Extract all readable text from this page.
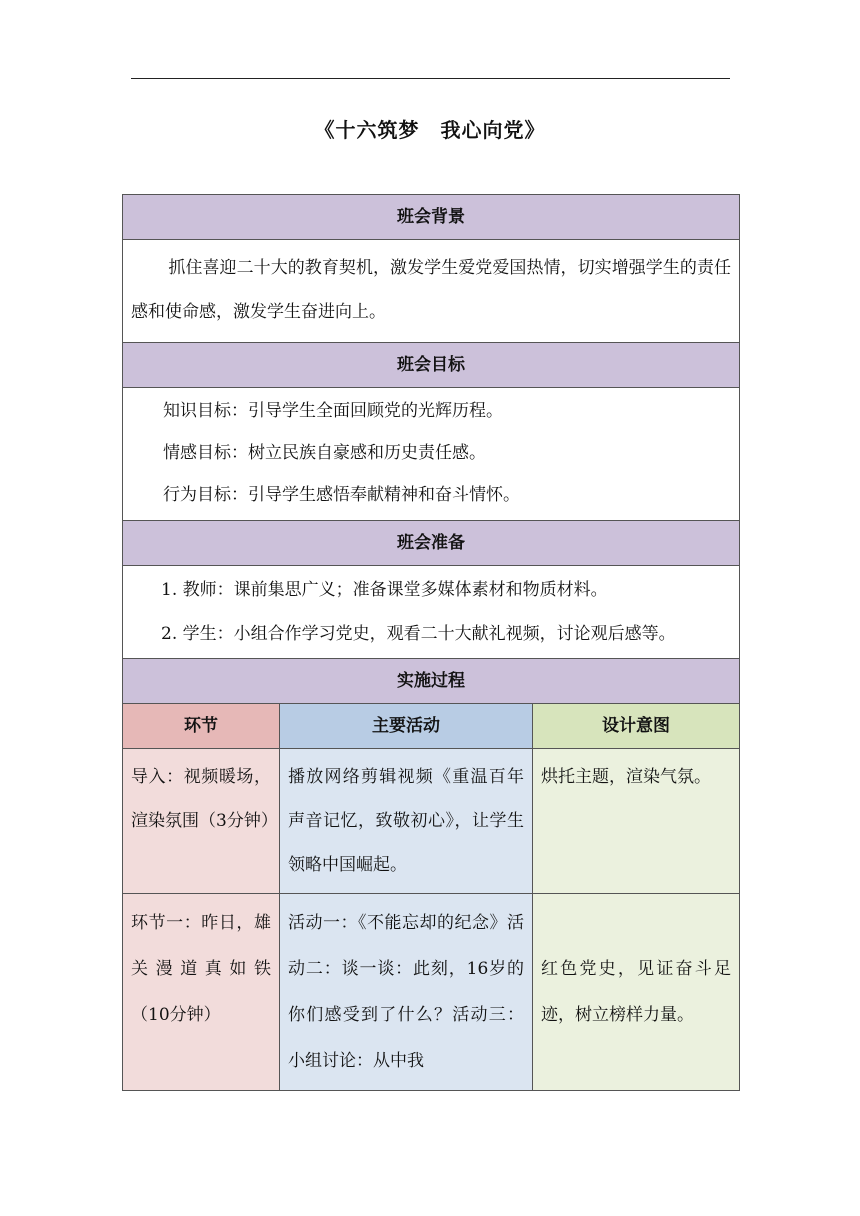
《十六筑梦　我心向党》
班会背景		

抓住喜迎二十大的教育契机，激发学生爱党爱国热情，切实增强学生的责任感和使命感，激发学生奋进向上。		

班会目标		

知识目标：引导学生全面回顾党的光辉历程。
情感目标：树立民族自豪感和历史责任感。
行为目标：引导学生感悟奉献精神和奋斗情怀。		

班会准备		

1. 教师：课前集思广义；准备课堂多媒体素材和物质材料。
2. 学生：小组合作学习党史，观看二十大献礼视频，讨论观后感等。		

实施过程		
环节	主要活动	设计意图
导入：视频暖场，渲染氛围（3分钟）	播放网络剪辑视频《重温百年声音记忆，致敬初心》，让学生领略中国崛起。	烘托主题，渲染气氛。
环节一：昨日，雄关漫道真如铁（10分钟）	活动一：《不能忘却的纪念》活动二：谈一谈：此刻，16岁的你们感受到了什么？活动三：小组讨论：从中我	红色党史，见证奋斗足迹，树立榜样力量。
